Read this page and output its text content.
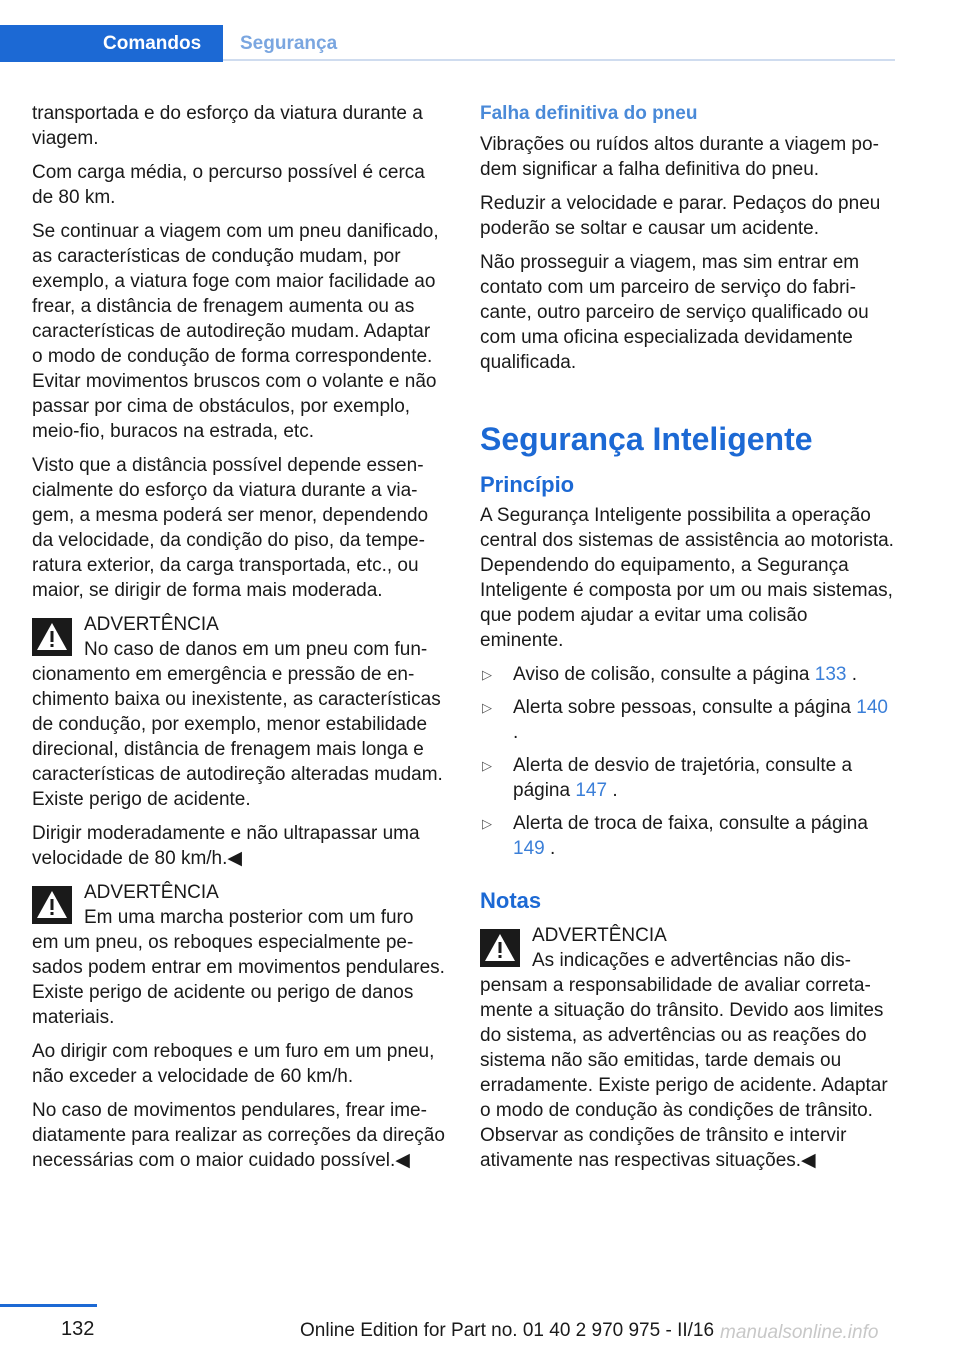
Comandos	Segurança

transportada e do esforço da viatura durante a viagem.

Com carga média, o percurso possível é cerca de 80 km.

Se continuar a viagem com um pneu danificado, as características de condução mudam, por exemplo, a viatura foge com maior facilidade ao frear, a distância de frenagem aumenta ou as características de autodireção mudam. Adaptar o modo de condução de forma correspondente. Evitar movimentos bruscos com o volante e não passar por cima de obstáculos, por exemplo, meio-fio, buracos na estrada, etc.

Visto que a distância possível depende essencialmente do esforço da viatura durante a viagem, a mesma poderá ser menor, dependendo da velocidade, da condição do piso, da temperatura exterior, da carga transportada, etc., ou maior, se dirigir de forma mais moderada.

ADVERTÊNCIA
No caso de danos em um pneu com funcionamento em emergência e pressão de enchimento baixa ou inexistente, as características de condução, por exemplo, menor estabilidade direcional, distância de frenagem mais longa e características de autodireção alteradas mudam. Existe perigo de acidente.

Dirigir moderadamente e não ultrapassar uma velocidade de 80 km/h.◀

ADVERTÊNCIA
Em uma marcha posterior com um furo em um pneu, os reboques especialmente pesados podem entrar em movimentos pendulares. Existe perigo de acidente ou perigo de danos materiais.

Ao dirigir com reboques e um furo em um pneu, não exceder a velocidade de 60 km/h.

No caso de movimentos pendulares, frear imediatamente para realizar as correções da direção necessárias com o maior cuidado possível.◀

Falha definitiva do pneu

Vibrações ou ruídos altos durante a viagem podem significar a falha definitiva do pneu.

Reduzir a velocidade e parar. Pedaços do pneu poderão se soltar e causar um acidente.

Não prosseguir a viagem, mas sim entrar em contato com um parceiro de serviço do fabricante, outro parceiro de serviço qualificado ou com uma oficina especializada devidamente qualificada.

Segurança Inteligente
Princípio

A Segurança Inteligente possibilita a operação central dos sistemas de assistência ao motorista. Dependendo do equipamento, a Segurança Inteligente é composta por um ou mais sistemas, que podem ajudar a evitar uma colisão eminente.

▷ Aviso de colisão, consulte a página 133 .
▷ Alerta sobre pessoas, consulte a página 140 .
▷ Alerta de desvio de trajetória, consulte a página 147 .
▷ Alerta de troca de faixa, consulte a página 149 .
Notas
ADVERTÊNCIA
As indicações e advertências não dispensam a responsabilidade de avaliar corretamente a situação do trânsito. Devido aos limites do sistema, as advertências ou as reações do sistema não são emitidas, tarde demais ou erradamente. Existe perigo de acidente. Adaptar o modo de condução às condições de trânsito. Observar as condições de trânsito e intervir ativamente nas respectivas situações.◀
132	Online Edition for Part no. 01 40 2 970 975 - II/16 manualsonline.info
